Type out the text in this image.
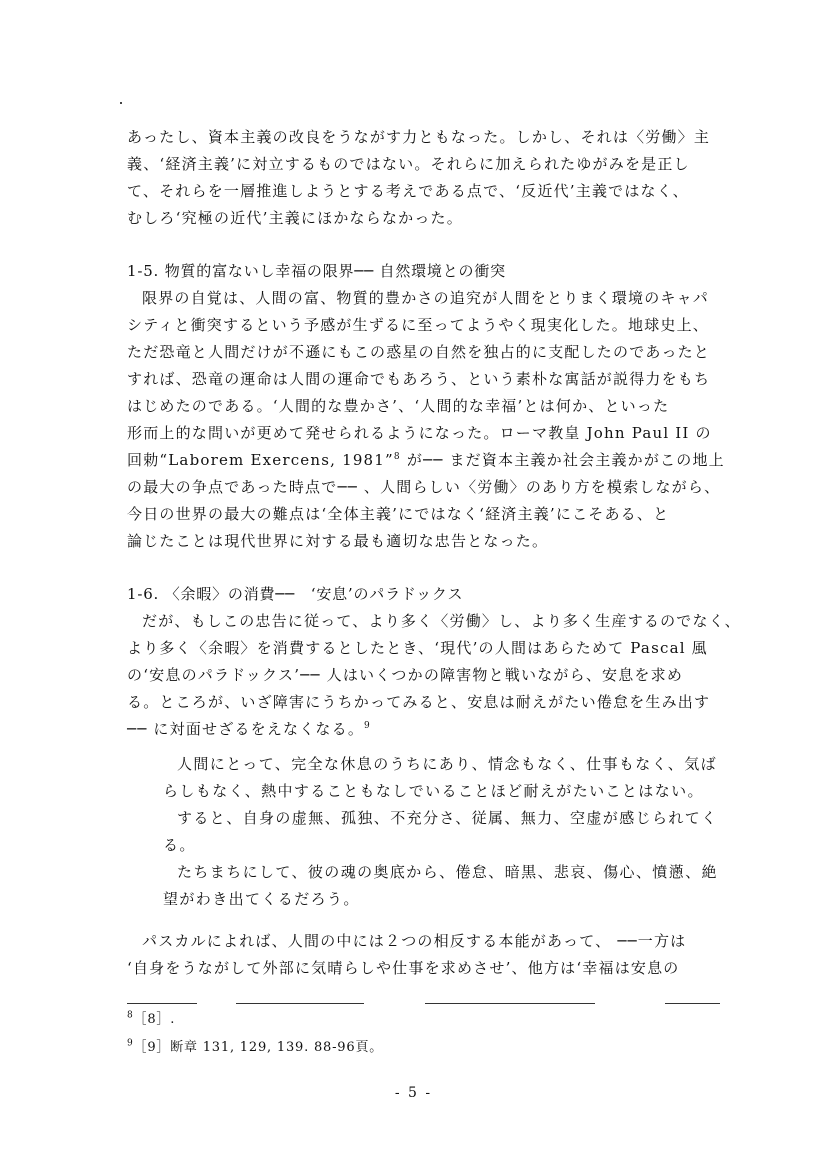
あったし、資本主義の改良をうながす力ともなった。しかし、それは〈労働〉主
義、‘経済主義’に対立するものではない。それらに加えられたゆがみを是正し
て、それらを一層推進しようとする考えである点で、‘反近代’主義ではなく、
むしろ‘究極の近代’主義にほかならなかった。
1-5. 物質的富ないし幸福の限界── 自然環境との衝突
限界の自覚は、人間の富、物質的豊かさの追究が人間をとりまく環境のキャパ
シティと衝突するという予感が生ずるに至ってようやく現実化した。地球史上、
ただ恐竜と人間だけが不遜にもこの惑星の自然を独占的に支配したのであったと
すれば、恐竜の運命は人間の運命でもあろう、という素朴な寓話が説得力をもち
はじめたのである。‘人間的な豊かさ’、‘人間的な幸福’とは何か、といった
形而上的な問いが更めて発せられるようになった。ローマ教皇 John Paul II の
回勅“Laborem Exercens, 1981”$^8$ が── まだ資本主義か社会主義かがこの地上
の最大の争点であった時点で── 、人間らしい〈労働〉のあり方を模索しながら、
今日の世界の最大の難点は‘全体主義’にではなく‘経済主義’にこそある、と
論じたことは現代世界に対する最も適切な忠告となった。
1-6. 〈余暇〉の消費──　‘安息’のパラドックス
だが、もしこの忠告に従って、より多く〈労働〉し、より多く生産するのでなく、
より多く〈余暇〉を消費するとしたとき、‘現代’の人間はあらためて Pascal 風
の‘安息のパラドックス’── 人はいくつかの障害物と戦いながら、安息を求め
る。ところが、いざ障害にうちかってみると、安息は耐えがたい倦怠を生み出す
── に対面せざるをえなくなる。$^9$
人間にとって、完全な休息のうちにあり、情念もなく、仕事もなく、気ば
らしもなく、熱中することもなしでいることほど耐えがたいことはない。
すると、自身の虚無、孤独、不充分さ、従属、無力、空虚が感じられてく
る。
たちまちにして、彼の魂の奥底から、倦怠、暗黒、悲哀、傷心、憤懣、絶
望がわき出てくるだろう。
パスカルによれば、人間の中には２つの相反する本能があって、 ──一方は
‘自身をうながして外部に気晴らしや仕事を求めさせ’、他方は‘幸福は安息の
$^8$［8］.
$^9$［9］断章 131, 129, 139. 88-96頁。
- 5 -
